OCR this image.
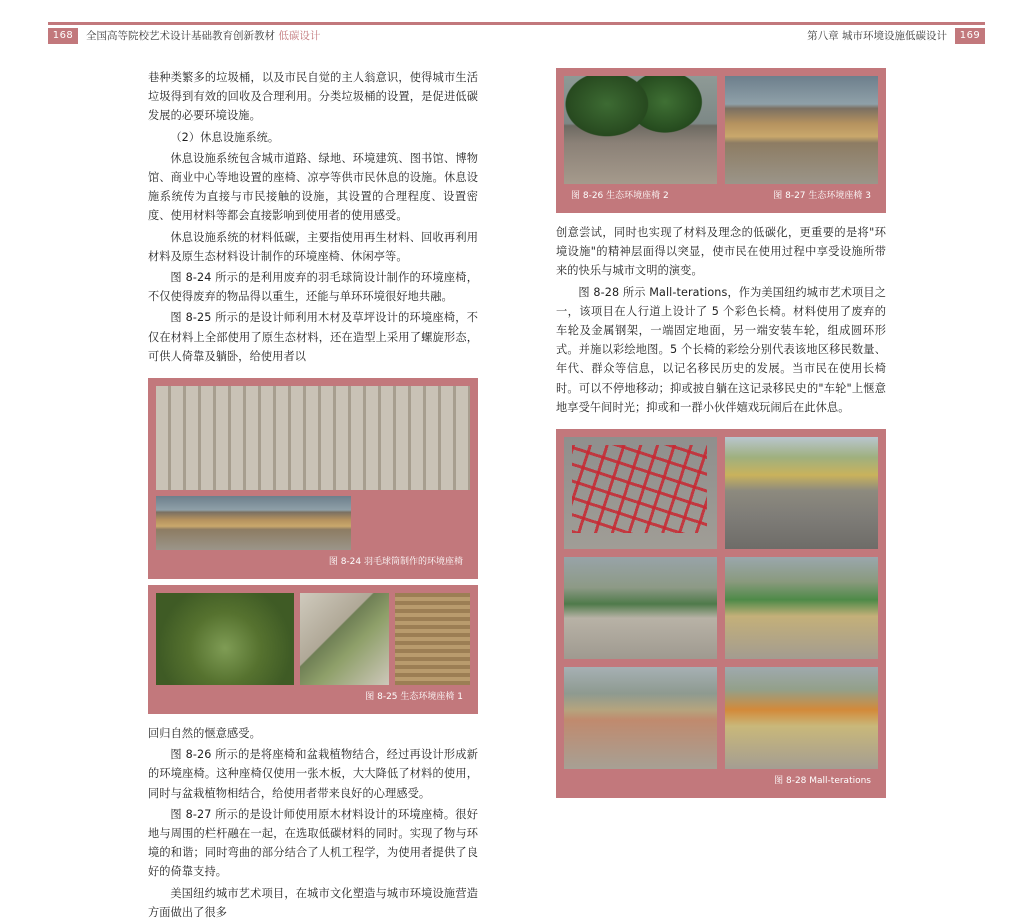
168	全国高等院校艺术设计基础教育创新教材 低碳设计	第八章 城市环境设施低碳设计	169

巷种类繁多的垃圾桶，以及市民自觉的主人翁意识，使得城市生活垃圾得到有效的回收及合理利用。分类垃圾桶的设置，是促进低碳发展的必要环境设施。

（2）休息设施系统。

休息设施系统包含城市道路、绿地、环境建筑、图书馆、博物馆、商业中心等地设置的座椅、凉亭等供市民休息的设施。休息设施系统传为直接与市民接触的设施，其设置的合理程度、设置密度、使用材料等都会直接影响到使用者的使用感受。

休息设施系统的材料低碳，主要指使用再生材料、回收再利用材料及原生态材料设计制作的环境座椅、休闲亭等。

图 8-24 所示的是利用废弃的羽毛球筒设计制作的环境座椅，不仅使得废弃的物品得以重生，还能与单环环境很好地共融。

图 8-25 所示的是设计师利用木材及草坪设计的环境座椅，不仅在材料上全部使用了原生态材料，还在造型上采用了螺旋形态，可供人倚靠及躺卧，给使用者以

图 8-24 羽毛球筒制作的环境座椅
图 8-25 生态环境座椅 1

回归自然的惬意感受。

图 8-26 所示的是将座椅和盆栽植物结合，经过再设计形成新的环境座椅。这种座椅仅使用一张木板，大大降低了材料的使用，同时与盆栽植物相结合，给使用者带来良好的心理感受。

图 8-27 所示的是设计师使用原木材料设计的环境座椅。很好地与周围的栏杆融在一起，在选取低碳材料的同时。实现了物与环境的和谐；同时弯曲的部分结合了人机工程学，为使用者提供了良好的倚靠支持。

美国纽约城市艺术项目，在城市文化塑造与城市环境设施营造方面做出了很多

图 8-26 生态环境座椅 2	图 8-27 生态环境座椅 3

创意尝试，同时也实现了材料及理念的低碳化，更重要的是将"环境设施"的精神层面得以突显，使市民在使用过程中享受设施所带来的快乐与城市文明的演变。

图 8-28 所示 Mall-terations，作为美国纽约城市艺术项目之一，该项目在人行道上设计了 5 个彩色长椅。材料使用了废弃的车轮及金属钢架，一端固定地面，另一端安装车轮，组成圆环形式。并施以彩绘地图。5 个长椅的彩绘分别代表该地区移民数量、年代、群众等信息，以记名移民历史的发展。当市民在使用长椅时。可以不停地移动；抑或披自躺在这记录移民史的"车轮"上惬意地享受午间时光；抑或和一群小伙伴嬉戏玩闹后在此休息。

图 8-28 Mall-terations
